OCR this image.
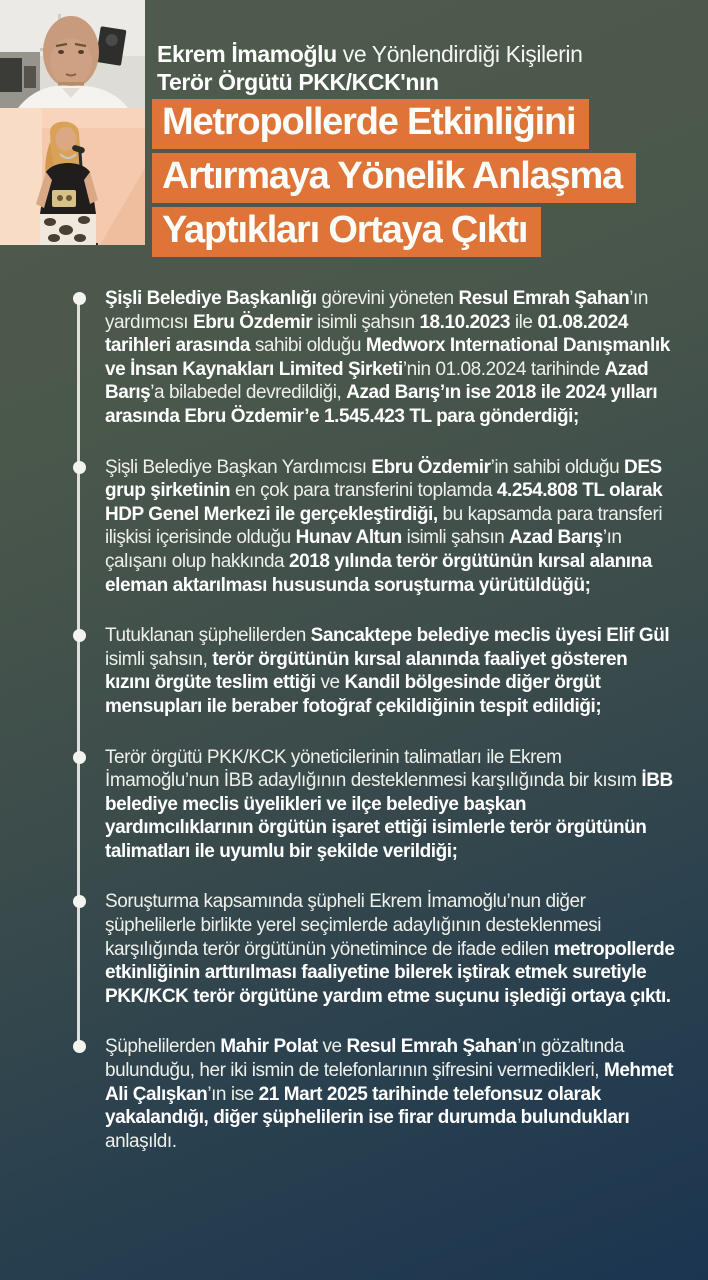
Ekrem İmamoğlu ve Yönlendirdiği Kişilerin
Terör Örgütü PKK/KCK'nın
Metropollerde Etkinliğini
Artırmaya Yönelik Anlaşma
Yaptıkları Ortaya Çıktı

Şişli Belediye Başkanlığı görevini yöneten Resul Emrah Şahan’ın yardımcısı Ebru Özdemir isimli şahsın 18.10.2023 ile 01.08.2024 tarihleri arasında sahibi olduğu Medworx International Danışmanlık ve İnsan Kaynakları Limited Şirketi’nin 01.08.2024 tarihinde Azad Barış’a bilabedel devredildiği, Azad Barış’ın ise 2018 ile 2024 yılları arasında Ebru Özdemir’e 1.545.423 TL para gönderdiği;

Şişli Belediye Başkan Yardımcısı Ebru Özdemir’in sahibi olduğu DES grup şirketinin en çok para transferini toplamda 4.254.808 TL olarak HDP Genel Merkezi ile gerçekleştirdiği, bu kapsamda para transferi ilişkisi içerisinde olduğu Hunav Altun isimli şahsın Azad Barış’ın çalışanı olup hakkında 2018 yılında terör örgütünün kırsal alanına eleman aktarılması hususunda soruşturma yürütüldüğü;

Tutuklanan şüphelilerden Sancaktepe belediye meclis üyesi Elif Gül isimli şahsın, terör örgütünün kırsal alanında faaliyet gösteren kızını örgüte teslim ettiği ve Kandil bölgesinde diğer örgüt mensupları ile beraber fotoğraf çekildiğinin tespit edildiği;

Terör örgütü PKK/KCK yöneticilerinin talimatları ile Ekrem İmamoğlu’nun İBB adaylığının desteklenmesi karşılığında bir kısım İBB belediye meclis üyelikleri ve ilçe belediye başkan yardımcılıklarının örgütün işaret ettiği isimlerle terör örgütünün talimatları ile uyumlu bir şekilde verildiği;

Soruşturma kapsamında şüpheli Ekrem İmamoğlu’nun diğer şüphelilerle birlikte yerel seçimlerde adaylığının desteklenmesi karşılığında terör örgütünün yönetimince de ifade edilen metropollerde etkinliğinin arttırılması faaliyetine bilerek iştirak etmek suretiyle PKK/KCK terör örgütüne yardım etme suçunu işlediği ortaya çıktı.

Şüphelilerden Mahir Polat ve Resul Emrah Şahan’ın gözaltında bulunduğu, her iki ismin de telefonlarının şifresini vermedikleri, Mehmet Ali Çalışkan’ın ise 21 Mart 2025 tarihinde telefonsuz olarak yakalandığı, diğer şüphelilerin ise firar durumda bulundukları anlaşıldı.
